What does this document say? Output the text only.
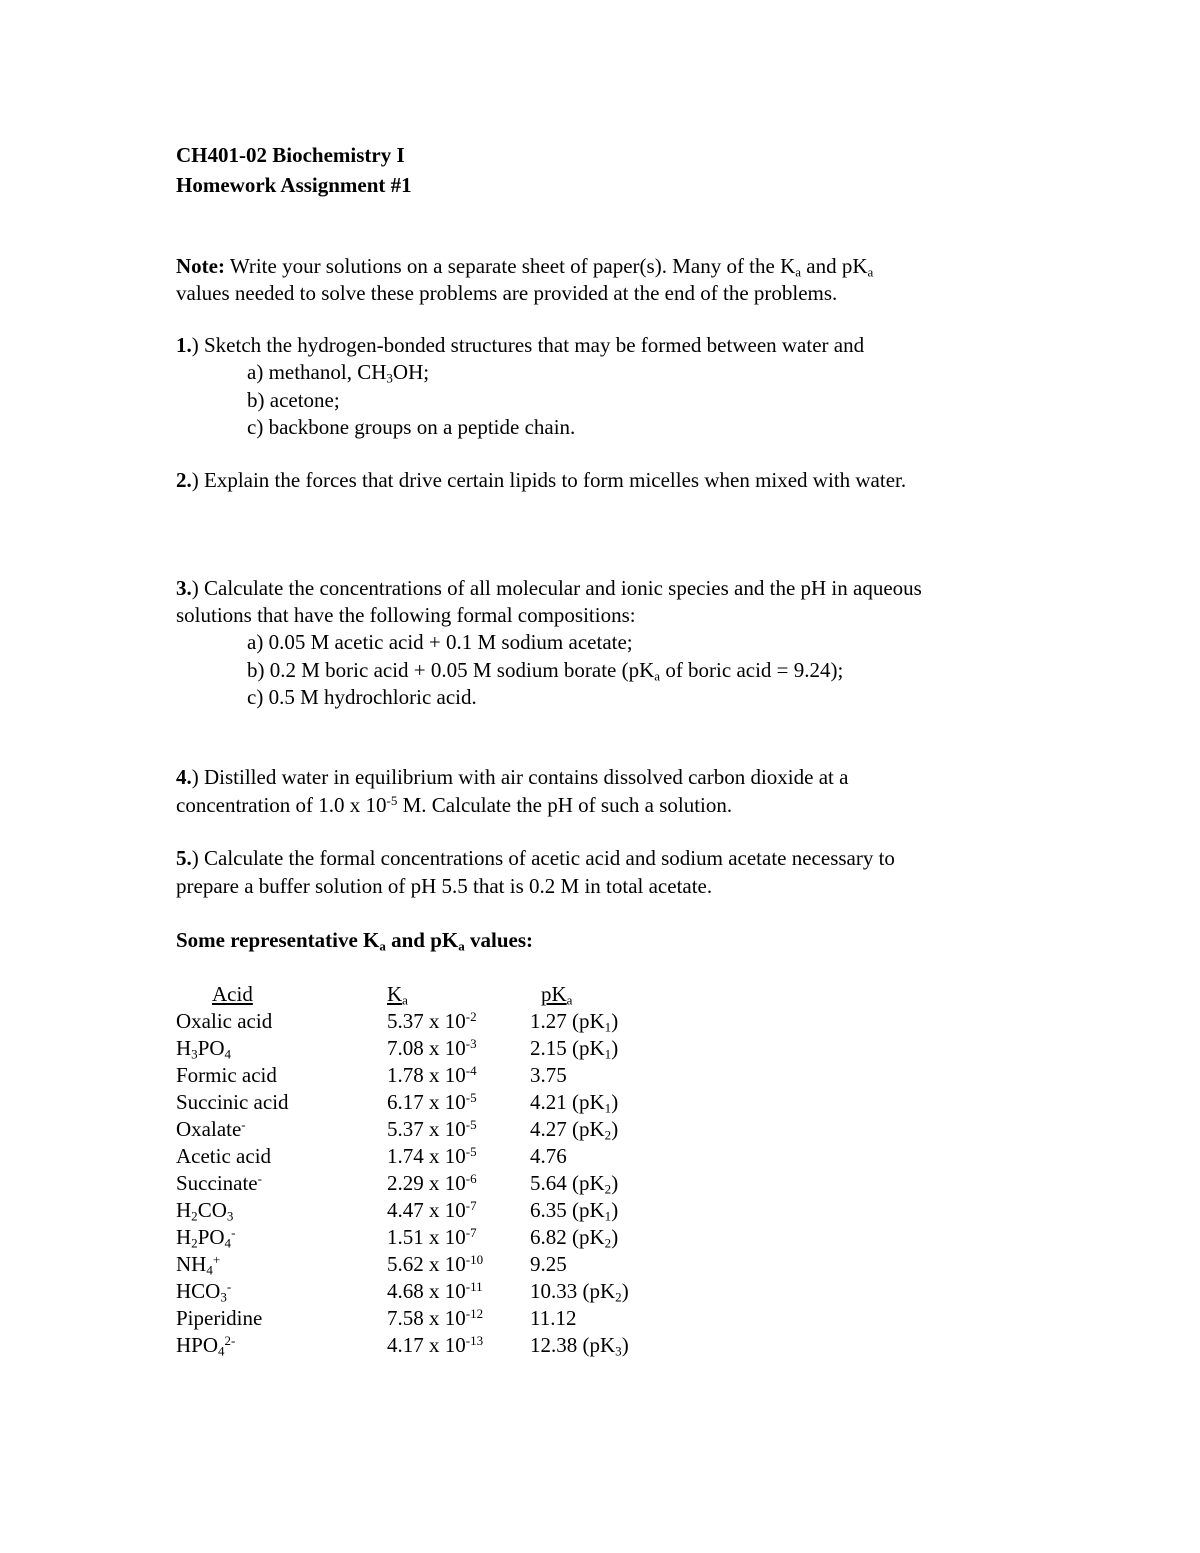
CH401-02 Biochemistry I
Homework Assignment #1
Note: Write your solutions on a separate sheet of paper(s). Many of the $K_a$ and $pK_a$
values needed to solve these problems are provided at the end of the problems.
1.) Sketch the hydrogen-bonded structures that may be formed between water and
a) methanol, $CH_3OH$;
b) acetone;
c) backbone groups on a peptide chain.
2.) Explain the forces that drive certain lipids to form micelles when mixed with water.
3.) Calculate the concentrations of all molecular and ionic species and the pH in aqueous
solutions that have the following formal compositions:
a) 0.05 M acetic acid + 0.1 M sodium acetate;
b) 0.2 M boric acid + 0.05 M sodium borate ($pK_a$ of boric acid = 9.24);
c) 0.5 M hydrochloric acid.
4.) Distilled water in equilibrium with air contains dissolved carbon dioxide at a
concentration of 1.0 x $10^{-5}$ M. Calculate the pH of such a solution.
5.) Calculate the formal concentrations of acetic acid and sodium acetate necessary to
prepare a buffer solution of pH 5.5 that is 0.2 M in total acetate.
Some representative $K_a$ and $pK_a$ values:
Acid	$K_a$	$pK_a$
Oxalic acid	5.37 x $10^{-2}$	1.27 $(pK_1)$
$H_3PO_4$	7.08 x $10^{-3}$	2.15 $(pK_1)$
Formic acid	1.78 x $10^{-4}$	3.75
Succinic acid	6.17 x $10^{-5}$	4.21 $(pK_1)$
Oxalate-	5.37 x $10^{-5}$	4.27 $(pK_2)$
Acetic acid	1.74 x $10^{-5}$	4.76
Succinate-	2.29 x $10^{-6}$	5.64 $(pK_2)$
$H_2CO_3$	4.47 x $10^{-7}$	6.35 $(pK_1)$
$H_2PO_4^-$	1.51 x $10^{-7}$	6.82 $(pK_2)$
$NH_4^+$	5.62 x $10^{-10}$ 9.25
$HCO_3^-$	4.68 x $10^{-11}$ 10.33 $(pK_2)$
Piperidine	7.58 x $10^{-12}$ 11.12
$HPO_4^{2-}$	4.17 x $10^{-13}$ 12.38 $(pK_3)$
